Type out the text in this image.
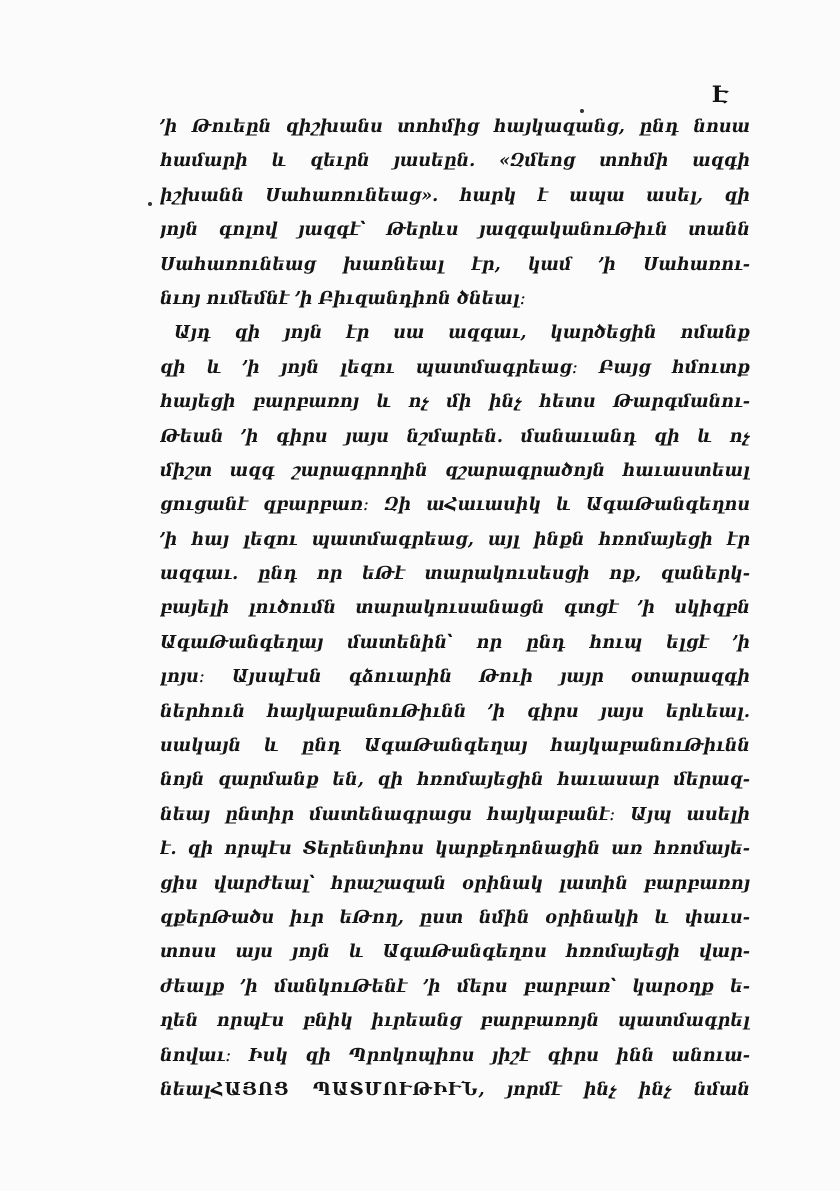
Է
՚ի Թուեըն զիշխանս տոհմից հայկազանց, ընդ նոսա
համարի և զեւրն յասեըն. «Զմեոց տոհմի ազգի
իշխանն Սահառունեաց». հարկ է ապա ասել, զի
յոյն գոլով յազգէ՝ Թերևս յազգականուԹիւն տանն
Սահառունեաց խառնեալ էր, կամ ՚ի Սահառու-
նւոյ ումեմնէ ՚ի Բիւզանդիոն ծնեալ։
Այդ զի յոյն էր սա ազգաւ, կարծեցին ոմանք
զի և ՚ի յոյն լեզու պատմագրեաց։ Բայց հմուտք
հայեցի բարբառոյ և ոչ մի ինչ հետս Թարգմանու-
Թեան ՚ի գիրս յայս նշմարեն. մանաւանդ զի և ոչ
միշտ ազգ շարագրողին զշարագրածոյն հաւաստեալ
ցուցանէ զբարբառ։ Զի աՀաւասիկ և ԱգաԹանգեղոս
՚ի հայ լեզու պատմագրեաց, այլ ինքն հռոմայեցի էր
ազգաւ. ընդ որ եԹէ տարակուսեսցի ոք, զաներկ-
բայելի լուծումն տարակուսանացն գտցէ ՚ի սկիզբն
ԱգաԹանգեղայ մատենին՝ որ ընդ հուպ ելցէ ՚ի
լոյս։ Այսպէսն գձուարին Թուի յայր օտարազգի
ներհուն հայկաբանուԹիւնն ՚ի գիրս յայս երևեալ.
սակայն և ընդ ԱգաԹանգեղայ հայկաբանուԹիւնն
նոյն զարմանք են, զի հռոմայեցին հաւասար մերազ-
նեայ ընտիր մատենագրացս հայկաբանէ։ Այպ ասելի
է. զի որպէս Տերենտիոս կարքեդոնացին առ հռոմայե-
ցիս վարժեալ՝ հրաշազան օրինակ լատին բարբառոյ
զքերԹածս իւր եԹող, ըստ նմին օրինակի և փաւս-
տոսս այս յոյն և ԱգաԹանգեղոս հռոմայեցի վար-
ժեալք ՚ի մանկուԹենէ ՚ի մերս բարբառ՝ կարօղք ե-
ղեն որպէս բնիկ իւրեանց բարբառոյն պատմագրել
նովաւ։ Իսկ զի Պրոկոպիոս յիշէ գիրս ինն անուա-
նեալՀԱՅՈՑ ՊԱՏՄՈՒԹԻՒՆ, յորմէ ինչ ինչ նման
